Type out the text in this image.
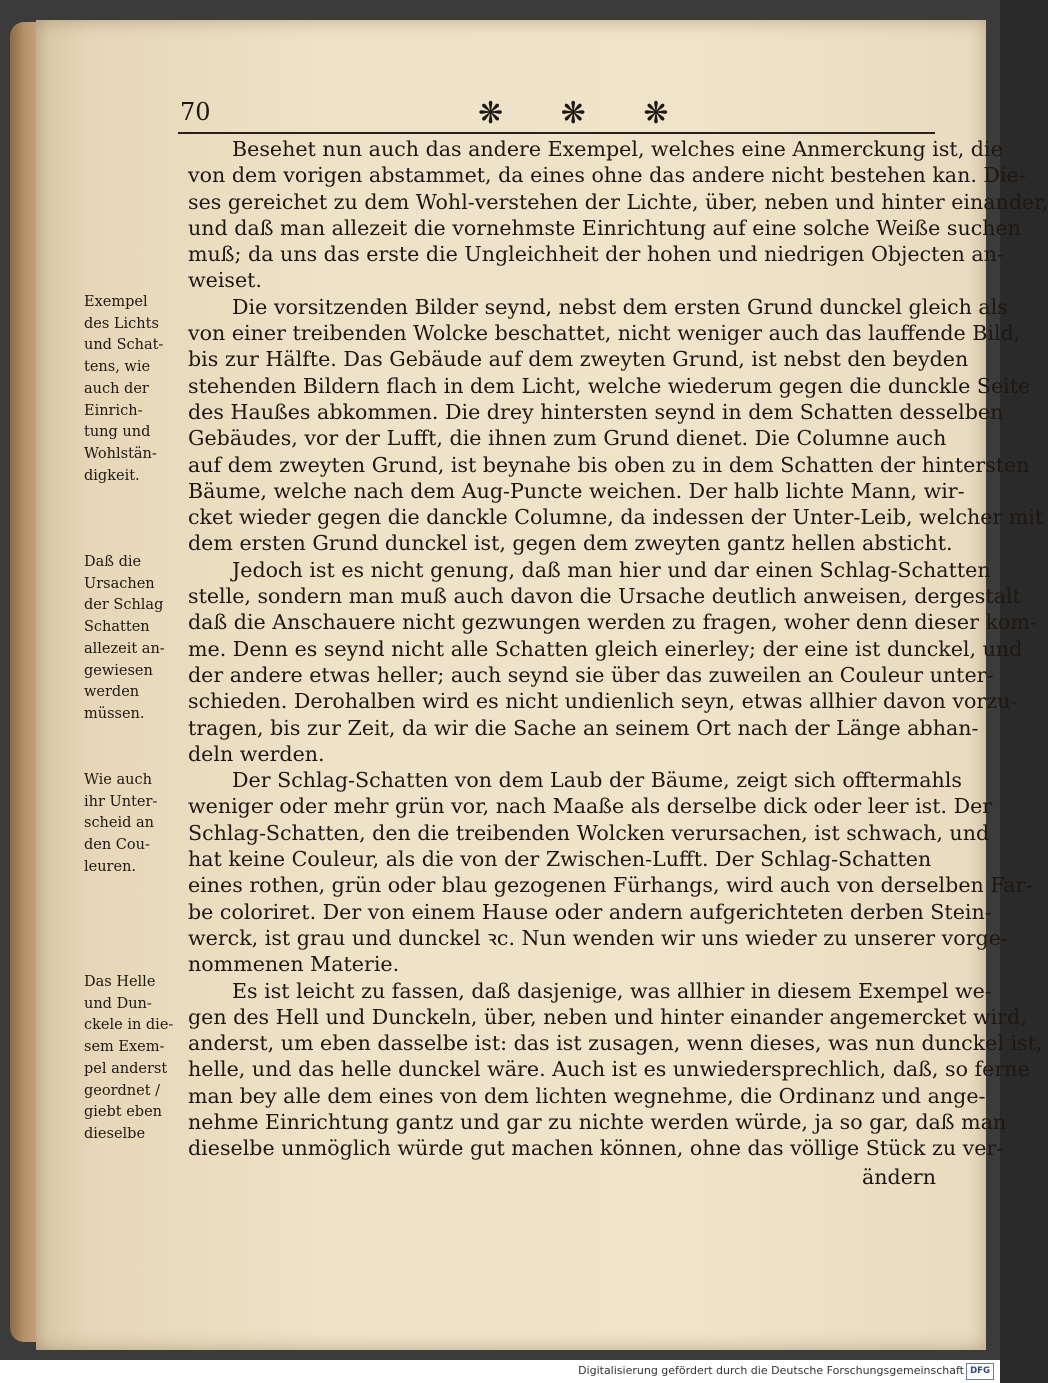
70	❋ ❋ ❋

Besehet nun auch das andere Exempel, welches eine Anmerckung ist, die
von dem vorigen abstammet, da eines ohne das andere nicht bestehen kan. Die-
ses gereichet zu dem Wohl-verstehen der Lichte, über, neben und hinter einander,
und daß man allezeit die vornehmste Einrichtung auf eine solche Weiße suchen
muß; da uns das erste die Ungleichheit der hohen und niedrigen Objecten an-
weiset.

Die vorsitzenden Bilder seynd, nebst dem ersten Grund dunckel gleich als
von einer treibenden Wolcke beschattet, nicht weniger auch das lauffende Bild,
bis zur Hälfte. Das Gebäude auf dem zweyten Grund, ist nebst den beyden
stehenden Bildern flach in dem Licht, welche wiederum gegen die dunckle Seite
des Haußes abkommen. Die drey hintersten seynd in dem Schatten desselben
Gebäudes, vor der Lufft, die ihnen zum Grund dienet. Die Columne auch
auf dem zweyten Grund, ist beynahe bis oben zu in dem Schatten der hintersten
Bäume, welche nach dem Aug-Puncte weichen. Der halb lichte Mann, wir-
cket wieder gegen die danckle Columne, da indessen der Unter-Leib, welcher mit
dem ersten Grund dunckel ist, gegen dem zweyten gantz hellen absticht.

Jedoch ist es nicht genung, daß man hier und dar einen Schlag-Schatten
stelle, sondern man muß auch davon die Ursache deutlich anweisen, dergestalt
daß die Anschauere nicht gezwungen werden zu fragen, woher denn dieser kom-
me. Denn es seynd nicht alle Schatten gleich einerley; der eine ist dunckel, und
der andere etwas heller; auch seynd sie über das zuweilen an Couleur unter-
schieden. Derohalben wird es nicht undienlich seyn, etwas allhier davon vorzu-
tragen, bis zur Zeit, da wir die Sache an seinem Ort nach der Länge abhan-
deln werden.

Der Schlag-Schatten von dem Laub der Bäume, zeigt sich offtermahls
weniger oder mehr grün vor, nach Maaße als derselbe dick oder leer ist. Der
Schlag-Schatten, den die treibenden Wolcken verursachen, ist schwach, und
hat keine Couleur, als die von der Zwischen-Lufft. Der Schlag-Schatten
eines rothen, grün oder blau gezogenen Fürhangs, wird auch von derselben Far-
be coloriret. Der von einem Hause oder andern aufgerichteten derben Stein-
werck, ist grau und dunckel ꝛc. Nun wenden wir uns wieder zu unserer vorge-
nommenen Materie.

Es ist leicht zu fassen, daß dasjenige, was allhier in diesem Exempel we-
gen des Hell und Dunckeln, über, neben und hinter einander angemercket wird,
anderst, um eben dasselbe ist: das ist zusagen, wenn dieses, was nun dunckel ist,
helle, und das helle dunckel wäre. Auch ist es unwiedersprechlich, daß, so ferne
man bey alle dem eines von dem lichten wegnehme, die Ordinanz und ange-
nehme Einrichtung gantz und gar zu nichte werden würde, ja so gar, daß man
dieselbe unmöglich würde gut machen können, ohne das völlige Stück zu ver-

ändern
Exempel
des Lichts
und Schat-
tens, wie
auch der
Einrich-
tung und
Wohlstän-
digkeit.
Daß die
Ursachen
der Schlag
Schatten
allezeit an-
gewiesen
werden
müssen.
Wie auch
ihr Unter-
scheid an
den Cou-
leuren.
Das Helle
und Dun-
ckele in die-
sem Exem-
pel anderst
geordnet /
giebt eben
dieselbe
Digitalisierung gefördert durch die Deutsche Forschungsgemeinschaft DFG
